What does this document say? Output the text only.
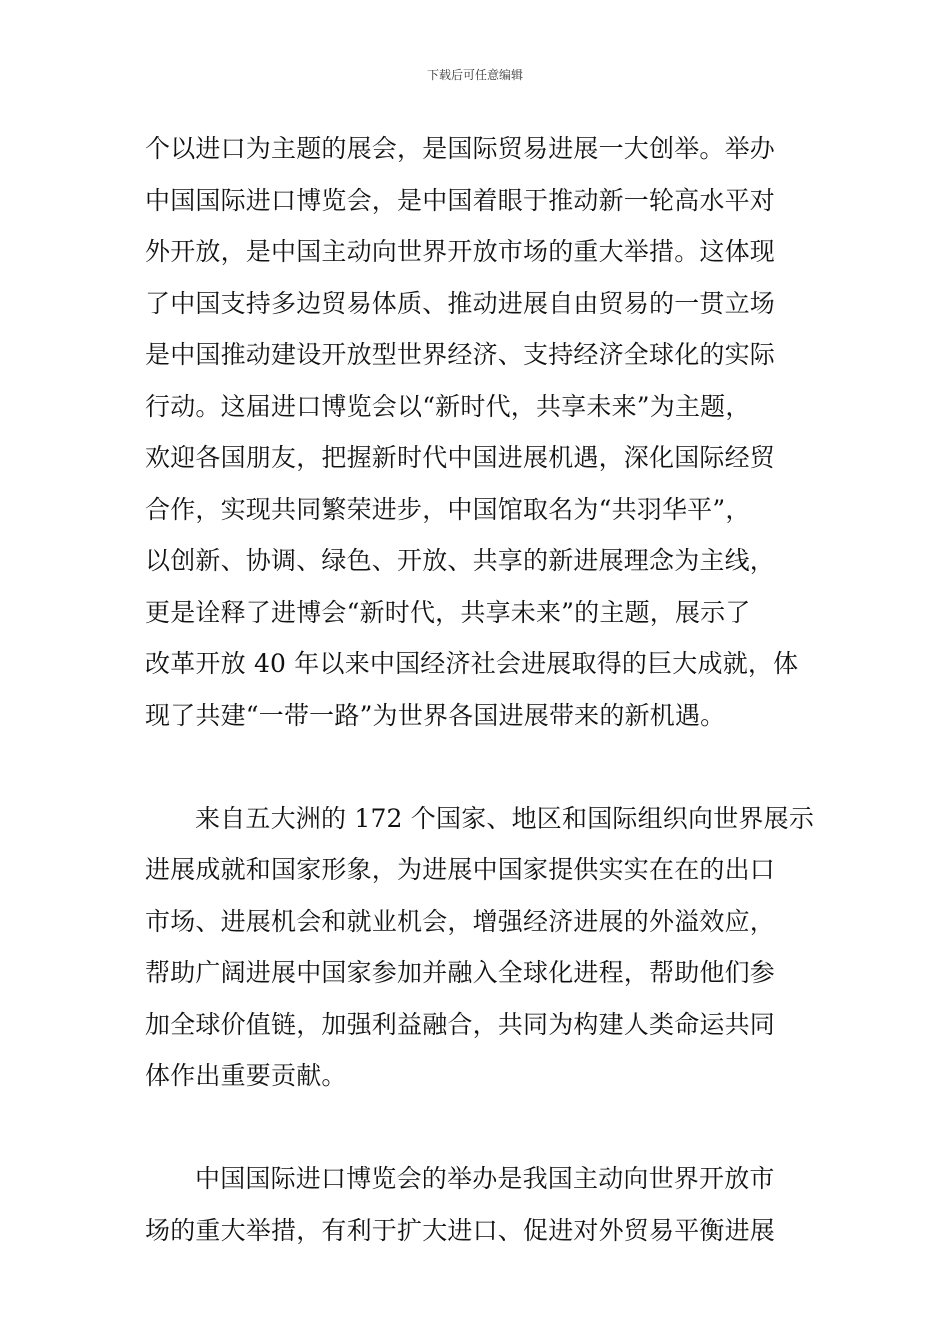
下载后可任意编辑
个以进口为主题的展会，是国际贸易进展一大创举。举办
中国国际进口博览会，是中国着眼于推动新一轮高水平对
外开放，是中国主动向世界开放市场的重大举措。这体现
了中国支持多边贸易体质、推动进展自由贸易的一贯立场
是中国推动建设开放型世界经济、支持经济全球化的实际
行动。这届进口博览会以“新时代，共享未来”为主题，
欢迎各国朋友，把握新时代中国进展机遇，深化国际经贸
合作，实现共同繁荣进步，中国馆取名为“共羽华平”，
以创新、协调、绿色、开放、共享的新进展理念为主线，
更是诠释了进博会“新时代，共享未来”的主题，展示了
改革开放 40 年以来中国经济社会进展取得的巨大成就，体
现了共建“一带一路”为世界各国进展带来的新机遇。
来自五大洲的 172 个国家、地区和国际组织向世界展示
进展成就和国家形象，为进展中国家提供实实在在的出口
市场、进展机会和就业机会，增强经济进展的外溢效应，
帮助广阔进展中国家参加并融入全球化进程，帮助他们参
加全球价值链，加强利益融合，共同为构建人类命运共同
体作出重要贡献。
中国国际进口博览会的举办是我国主动向世界开放市
场的重大举措，有利于扩大进口、促进对外贸易平衡进展
